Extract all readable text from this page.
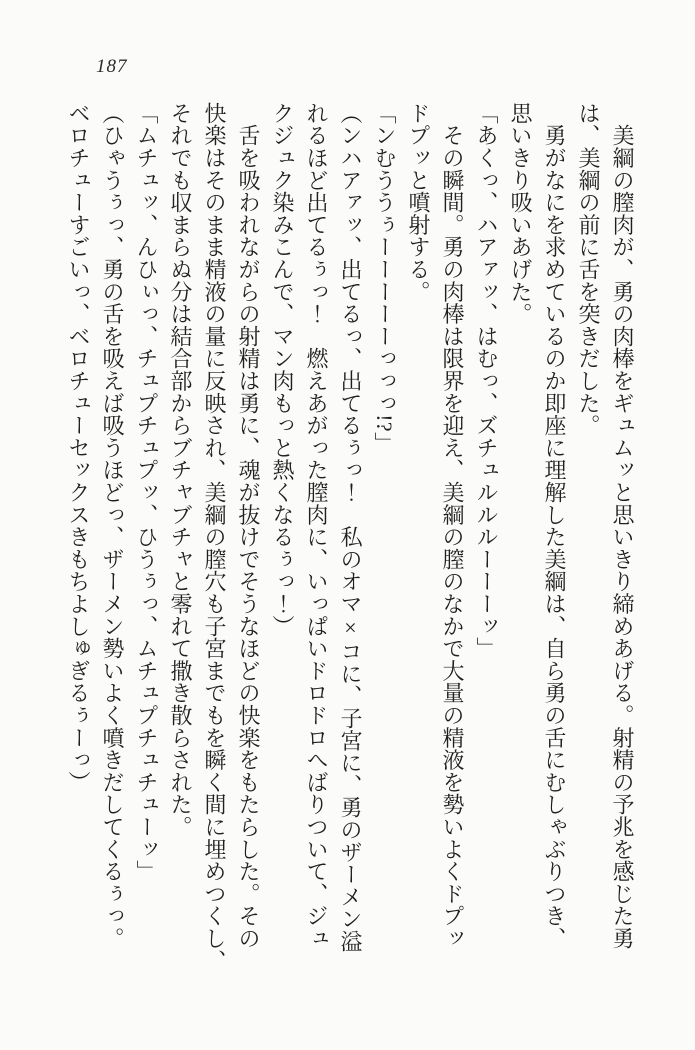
187

　美綱の膣肉が、勇の肉棒をギュムッと思いきり締めあげる。射精の予兆を感じた勇

は、美綱の前に舌を突きだした。

　勇がなにを求めているのか即座に理解した美綱は、自ら勇の舌にむしゃぶりつき、

思いきり吸いあげた。

「あくっ、ハアァッ、はむっ、ズチュルルルーーーッ」

　その瞬間。勇の肉棒は限界を迎え、美綱の膣のなかで大量の精液を勢いよくドプッ

ドプッと噴射する。

「ンむううぅーーーーーっっっ!?」

（ンハアァッ、出てるっ、出てるぅっ！　私のオマ×コに、子宮に、勇のザーメン溢

れるほど出てるぅっ！　燃えあがった膣肉に、いっぱいドロドロへばりついて、ジュ

クジュク染みこんで、マン肉もっと熱くなるぅっ！）

　舌を吸われながらの射精は勇に、魂が抜けでそうなほどの快楽をもたらした。その

快楽はそのまま精液の量に反映され、美綱の膣穴も子宮までもを瞬く間に埋めつくし、

それでも収まらぬ分は結合部からブチャブチャと零れて撒き散らされた。

「ムチュッ、んひぃっ、チュプチュプッ、ひうぅっ、ムチュプチュチューッ」

（ひゃうぅっ、勇の舌を吸えば吸うほどっ、ザーメン勢いよく噴きだしてくるぅっ。

ベロチューすごいっ、ベロチューセックスきもちよしゅぎるぅーっ）
